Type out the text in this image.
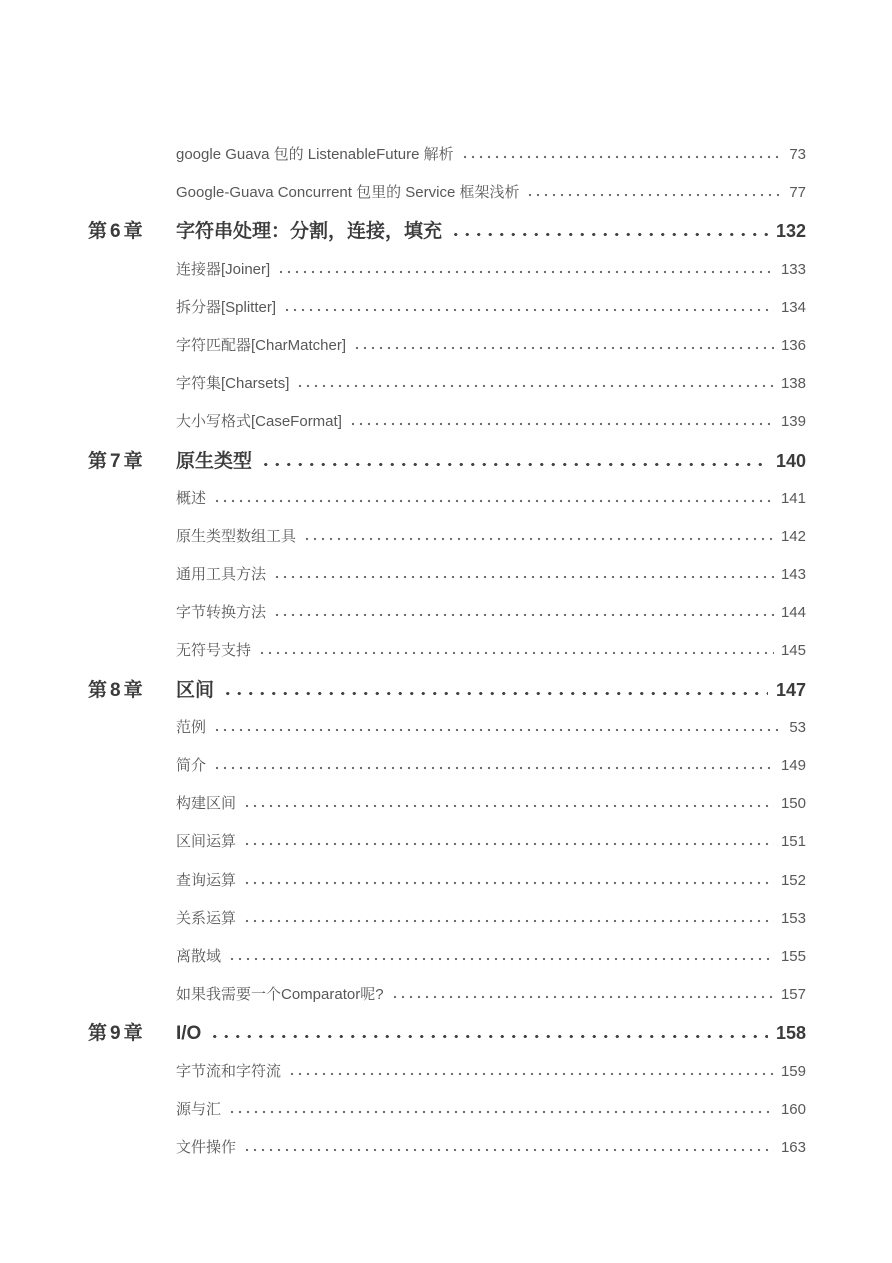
google Guava 包的 ListenableFuture 解析	73
Google-Guava Concurrent 包里的 Service 框架浅析	77
第6章	字符串处理：分割，连接，填充	132
连接器[Joiner]	133
拆分器[Splitter]	134
字符匹配器[CharMatcher]	136
字符集[Charsets]	138
大小写格式[CaseFormat]	139
第7章	原生类型	140
概述	141
原生类型数组工具	142
通用工具方法	143
字节转换方法	144
无符号支持	145
第8章	区间	147
范例	53
简介	149
构建区间	150
区间运算	151
查询运算	152
关系运算	153
离散域	155
如果我需要一个Comparator呢?	157
第9章	I/O	158
字节流和字符流	159
源与汇	160
文件操作	163
